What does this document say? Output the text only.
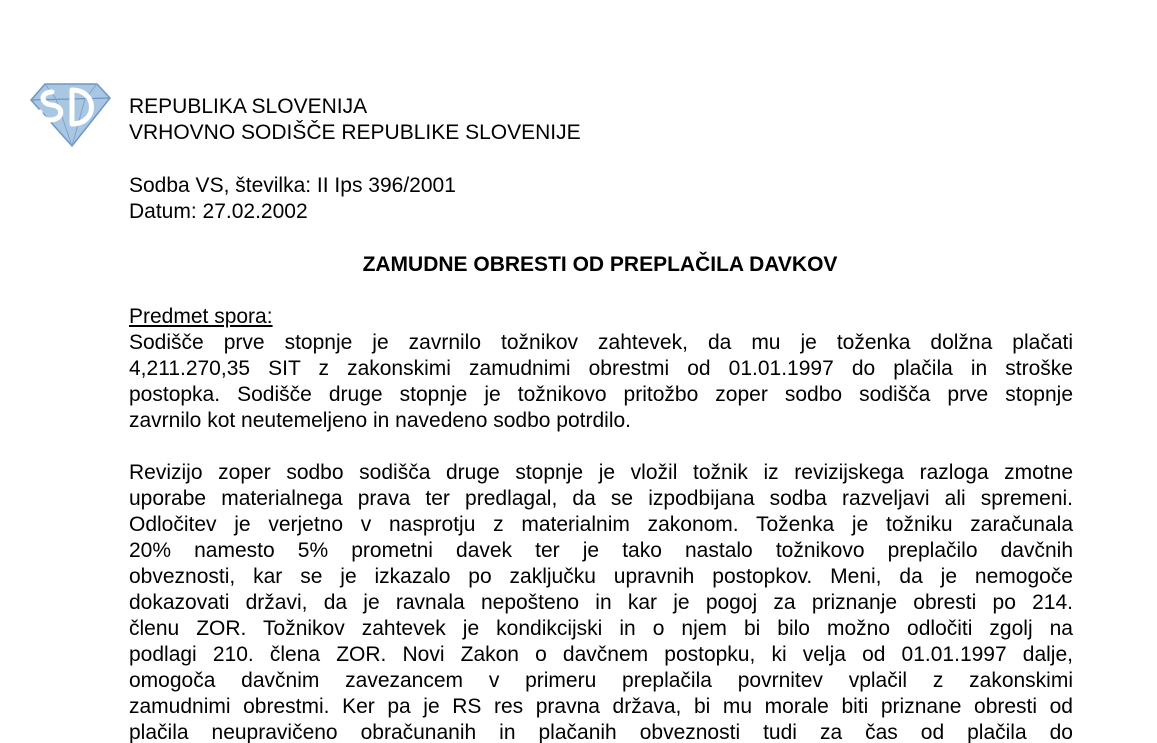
REPUBLIKA SLOVENIJA
VRHOVNO SODIŠČE REPUBLIKE SLOVENIJE
Sodba VS, številka: II Ips 396/2001
Datum: 27.02.2002
ZAMUDNE OBRESTI OD PREPLAČILA DAVKOV
Predmet spora:
Sodišče prve stopnje je zavrnilo tožnikov zahtevek, da mu je toženka dolžna plačati
4,211.270,35 SIT z zakonskimi zamudnimi obrestmi od 01.01.1997 do plačila in stroške
postopka. Sodišče druge stopnje je tožnikovo pritožbo zoper sodbo sodišča prve stopnje
zavrnilo kot neutemeljeno in navedeno sodbo potrdilo.
Revizijo zoper sodbo sodišča druge stopnje je vložil tožnik iz revizijskega razloga zmotne
uporabe materialnega prava ter predlagal, da se izpodbijana sodba razveljavi ali spremeni.
Odločitev je verjetno v nasprotju z materialnim zakonom. Toženka je tožniku zaračunala
20% namesto 5% prometni davek ter je tako nastalo tožnikovo preplačilo davčnih
obveznosti, kar se je izkazalo po zaključku upravnih postopkov. Meni, da je nemogoče
dokazovati državi, da je ravnala nepošteno in kar je pogoj za priznanje obresti po 214.
členu ZOR. Tožnikov zahtevek je kondikcijski in o njem bi bilo možno odločiti zgolj na
podlagi 210. člena ZOR. Novi Zakon o davčnem postopku, ki velja od 01.01.1997 dalje,
omogoča davčnim zavezancem v primeru preplačila povrnitev vplačil z zakonskimi
zamudnimi obrestmi. Ker pa je RS res pravna država, bi mu morale biti priznane obresti od
plačila neupravičeno obračunanih in plačanih obveznosti tudi za čas od plačila do
